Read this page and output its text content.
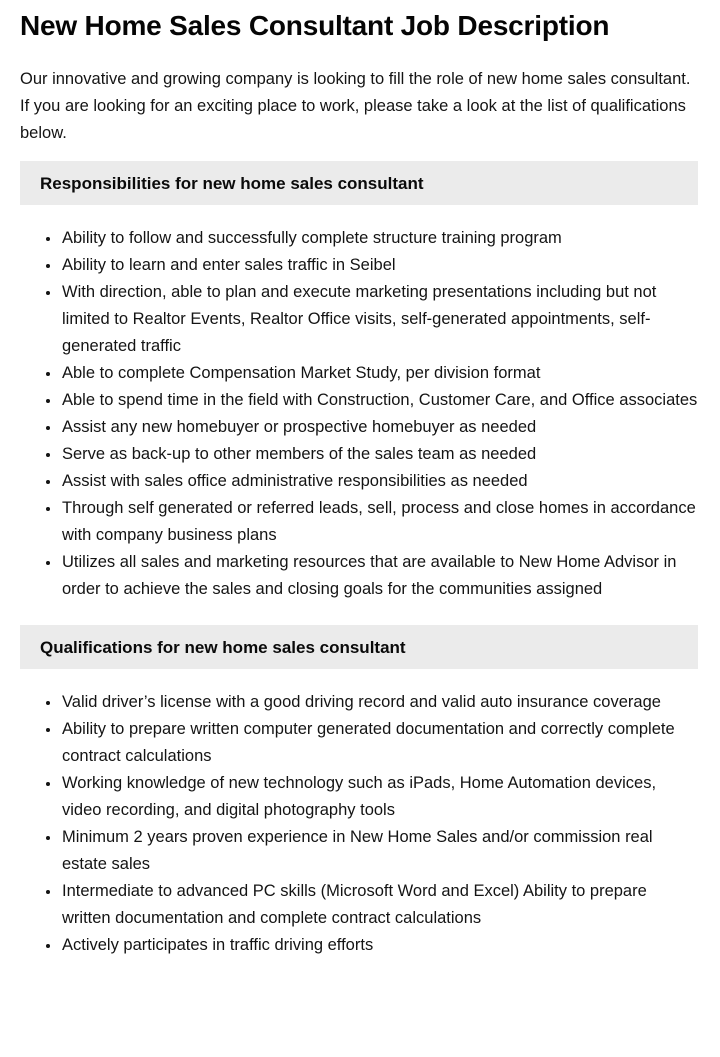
New Home Sales Consultant Job Description

Our innovative and growing company is looking to fill the role of new home sales consultant. If you are looking for an exciting place to work, please take a look at the list of qualifications below.

Responsibilities for new home sales consultant
• Ability to follow and successfully complete structure training program
• Ability to learn and enter sales traffic in Seibel
• With direction, able to plan and execute marketing presentations including but not limited to Realtor Events, Realtor Office visits, self-generated appointments, self-generated traffic
• Able to complete Compensation Market Study, per division format
• Able to spend time in the field with Construction, Customer Care, and Office associates
• Assist any new homebuyer or prospective homebuyer as needed
• Serve as back-up to other members of the sales team as needed
• Assist with sales office administrative responsibilities as needed
• Through self generated or referred leads, sell, process and close homes in accordance with company business plans
• Utilizes all sales and marketing resources that are available to New Home Advisor in order to achieve the sales and closing goals for the communities assigned
Qualifications for new home sales consultant
• Valid driver’s license with a good driving record and valid auto insurance coverage
• Ability to prepare written computer generated documentation and correctly complete contract calculations
• Working knowledge of new technology such as iPads, Home Automation devices, video recording, and digital photography tools
• Minimum 2 years proven experience in New Home Sales and/or commission real estate sales
• Intermediate to advanced PC skills (Microsoft Word and Excel) Ability to prepare written documentation and complete contract calculations
• Actively participates in traffic driving efforts
